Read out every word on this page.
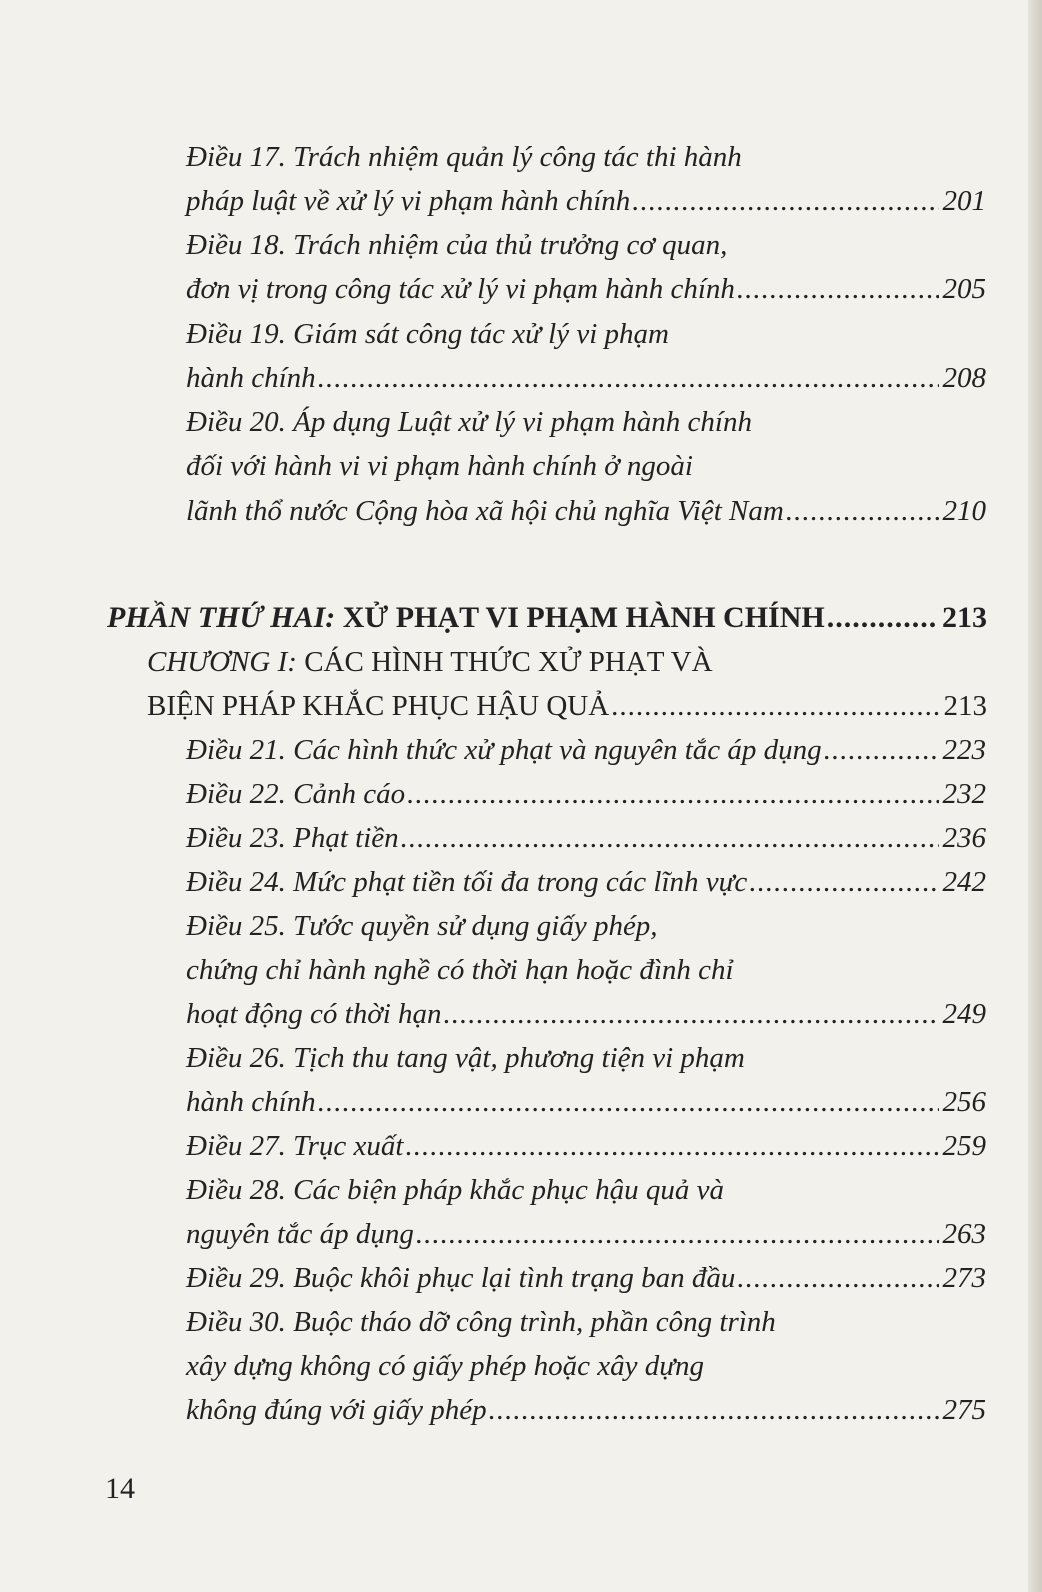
Điều 17. Trách nhiệm quản lý công tác thi hành
pháp luật về xử lý vi phạm hành chính .....	201
Điều 18. Trách nhiệm của thủ trưởng cơ quan,
đơn vị trong công tác xử lý vi phạm hành chính .....	205
Điều 19. Giám sát công tác xử lý vi phạm
hành chính .....	208
Điều 20. Áp dụng Luật xử lý vi phạm hành chính
đối với hành vi vi phạm hành chính ở ngoài
lãnh thổ nước Cộng hòa xã hội chủ nghĩa Việt Nam .....	210
PHẦN THỨ HAI: XỬ PHẠT VI PHẠM HÀNH CHÍNH .....	213
CHƯƠNG I: CÁC HÌNH THỨC XỬ PHẠT VÀ
BIỆN PHÁP KHẮC PHỤC HẬU QUẢ .....	213
Điều 21. Các hình thức xử phạt và nguyên tắc áp dụng .....	223
Điều 22. Cảnh cáo .....	232
Điều 23. Phạt tiền .....	236
Điều 24. Mức phạt tiền tối đa trong các lĩnh vực .....	242
Điều 25. Tước quyền sử dụng giấy phép,
chứng chỉ hành nghề có thời hạn hoặc đình chỉ
hoạt động có thời hạn .....	249
Điều 26. Tịch thu tang vật, phương tiện vi phạm
hành chính .....	256
Điều 27. Trục xuất .....	259
Điều 28. Các biện pháp khắc phục hậu quả và
nguyên tắc áp dụng .....	263
Điều 29. Buộc khôi phục lại tình trạng ban đầu .....	273
Điều 30. Buộc tháo dỡ công trình, phần công trình
xây dựng không có giấy phép hoặc xây dựng
không đúng với giấy phép .....	275
14
